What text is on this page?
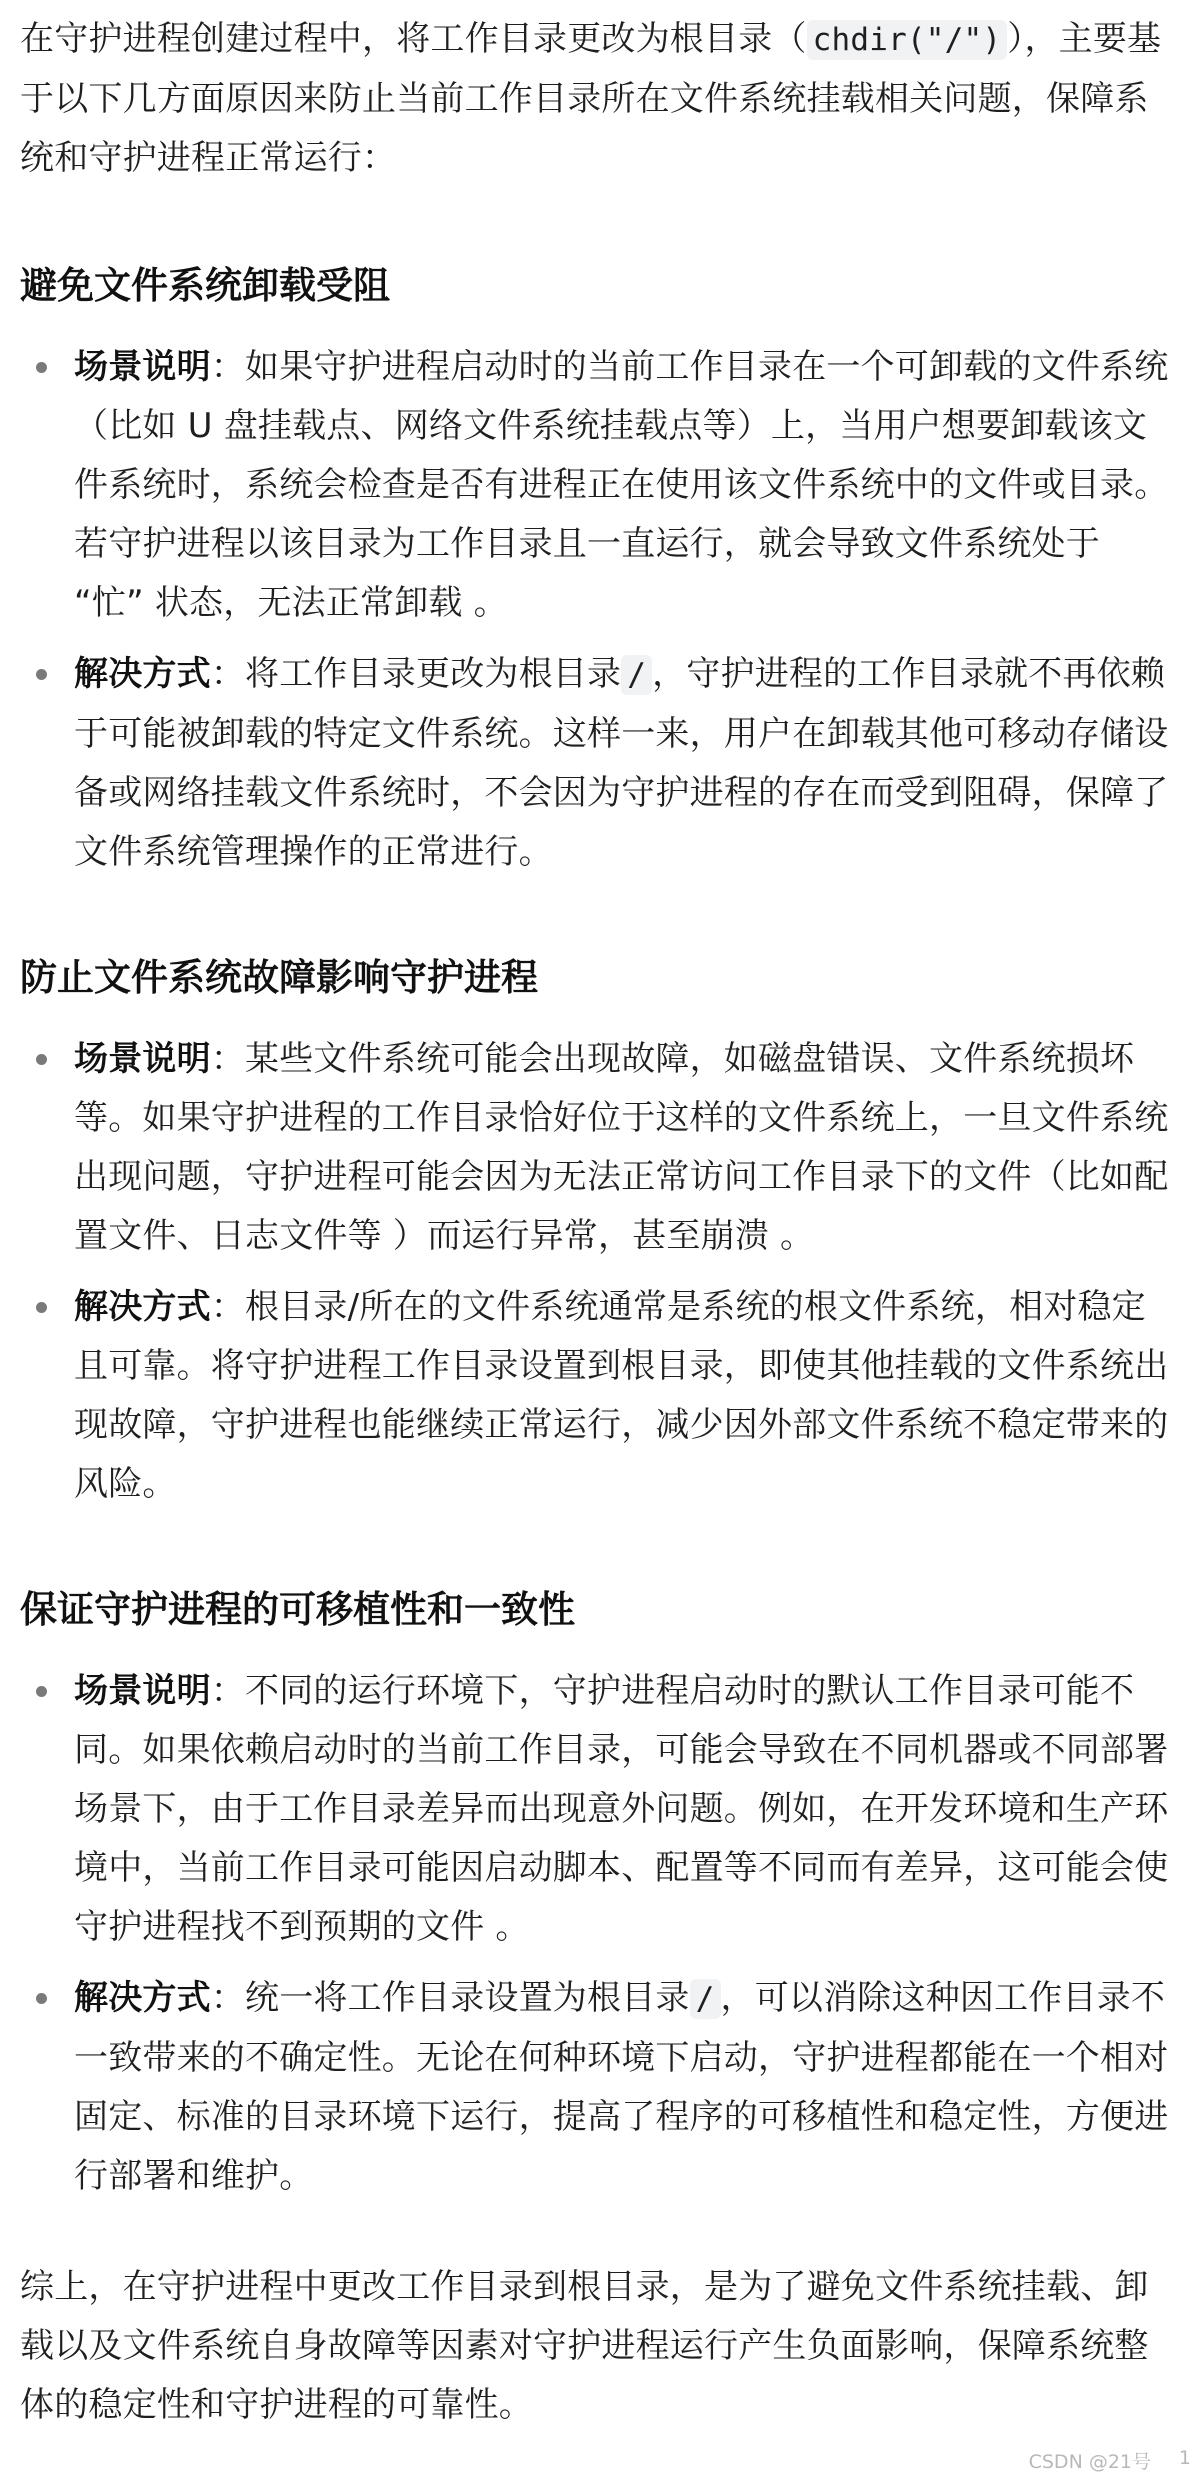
在守护进程创建过程中，将工作目录更改为根目录（ chdir("/") ），主要基于以下几方面原因来防止当前工作目录所在文件系统挂载相关问题，保障系统和守护进程正常运行：

避免文件系统卸载受阻
场景说明：如果守护进程启动时的当前工作目录在一个可卸载的文件系统（比如 U 盘挂载点、网络文件系统挂载点等）上，当用户想要卸载该文件系统时，系统会检查是否有进程正在使用该文件系统中的文件或目录。若守护进程以该目录为工作目录且一直运行，就会导致文件系统处于 “忙” 状态，无法正常卸载 。
解决方式：将工作目录更改为根目录 / ，守护进程的工作目录就不再依赖于可能被卸载的特定文件系统。这样一来，用户在卸载其他可移动存储设备或网络挂载文件系统时，不会因为守护进程的存在而受到阻碍，保障了文件系统管理操作的正常进行。
防止文件系统故障影响守护进程
场景说明：某些文件系统可能会出现故障，如磁盘错误、文件系统损坏等。如果守护进程的工作目录恰好位于这样的文件系统上，一旦文件系统出现问题，守护进程可能会因为无法正常访问工作目录下的文件（比如配置文件、日志文件等 ）而运行异常，甚至崩溃 。
解决方式：根目录/所在的文件系统通常是系统的根文件系统，相对稳定且可靠。将守护进程工作目录设置到根目录，即使其他挂载的文件系统出现故障，守护进程也能继续正常运行，减少因外部文件系统不稳定带来的风险。
保证守护进程的可移植性和一致性
场景说明：不同的运行环境下，守护进程启动时的默认工作目录可能不同。如果依赖启动时的当前工作目录，可能会导致在不同机器或不同部署场景下，由于工作目录差异而出现意外问题。例如，在开发环境和生产环境中，当前工作目录可能因启动脚本、配置等不同而有差异，这可能会使守护进程找不到预期的文件 。
解决方式：统一将工作目录设置为根目录 / ，可以消除这种因工作目录不一致带来的不确定性。无论在何种环境下启动，守护进程都能在一个相对固定、标准的目录环境下运行，提高了程序的可移植性和稳定性，方便进行部署和维护。

综上，在守护进程中更改工作目录到根目录，是为了避免文件系统挂载、卸载以及文件系统自身故障等因素对守护进程运行产生负面影响，保障系统整体的稳定性和守护进程的可靠性。

CSDN @21号 1
